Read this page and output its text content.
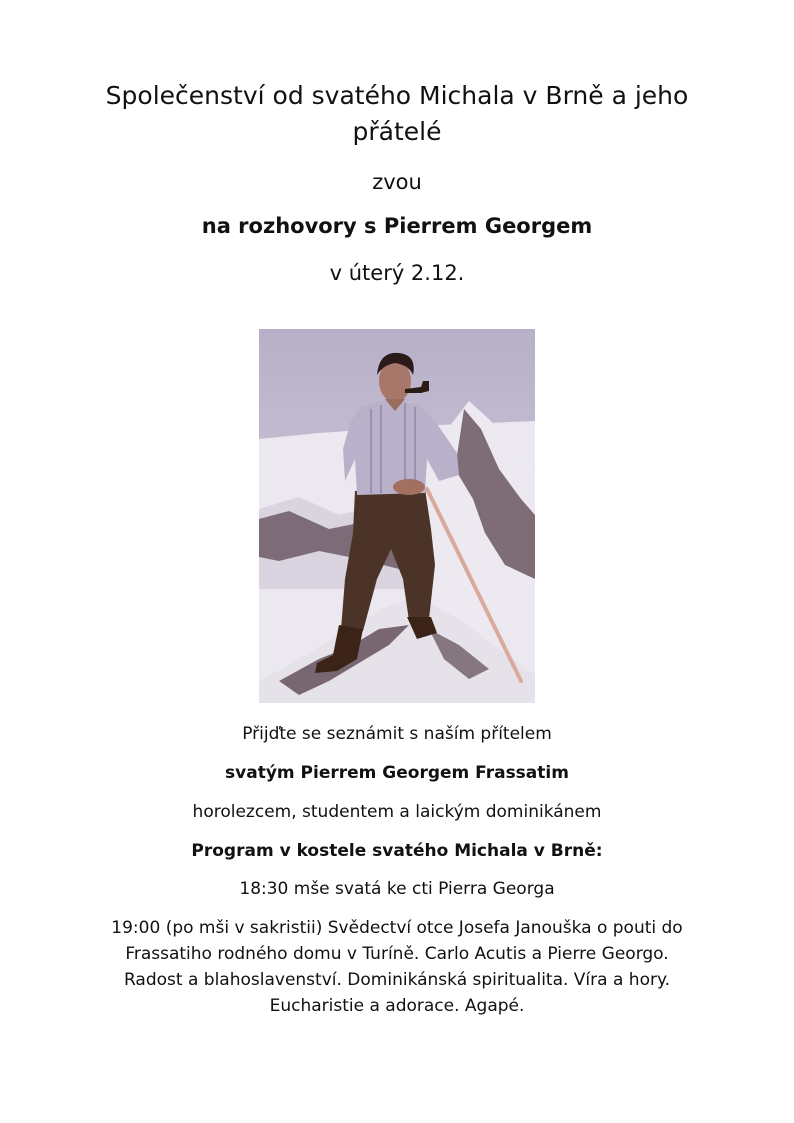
Společenství od svatého Michala v Brně a jeho přátelé
zvou
na rozhovory s Pierrem Georgem
v úterý 2.12.
Přijďte se seznámit s naším přítelem
svatým Pierrem Georgem Frassatim
horolezcem, studentem a laickým dominikánem
Program v kostele svatého Michala v Brně:
18:30 mše svatá ke cti Pierra Georga

19:00 (po mši v sakristii) Svědectví otce Josefa Janouška o pouti do Frassatiho rodného domu v Turíně. Carlo Acutis a Pierre Georgo. Radost a blahoslavenství. Dominikánská spiritualita. Víra a hory. Eucharistie a adorace. Agapé.
